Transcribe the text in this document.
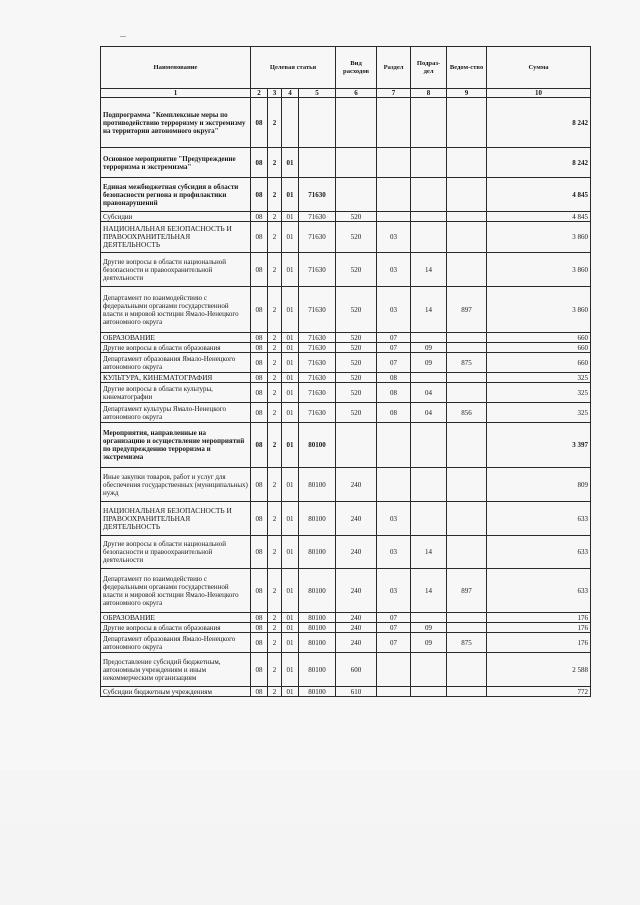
Наименование	Целевая статья				Вид расходов	Раздел	Подраз-дел	Ведом-ство	Сумма
1	2	3	4	5	6	7	8	9	10
Подпрограмма "Комплексные меры по противодействию терроризму и экстремизму на территории автономного округа"	08	2							8 242
Основное мероприятие "Предупреждение терроризма и экстремизма"	08	2	01						8 242
Единая межбюджетная субсидия в области безопасности региона и профилактики правонарушений	08	2	01	71630					4 845
Субсидии	08	2	01	71630	520				4 845
НАЦИОНАЛЬНАЯ БЕЗОПАСНОСТЬ И ПРАВООХРАНИТЕЛЬНАЯ ДЕЯТЕЛЬНОСТЬ	08	2	01	71630	520	03			3 860
Другие вопросы в области национальной безопасности и правоохранительной деятельности	08	2	01	71630	520	03	14		3 860
Департамент по взаимодействию с федеральными органами государственной власти и мировой юстиции Ямало-Ненецкого автономного округа	08	2	01	71630	520	03	14	897	3 860
ОБРАЗОВАНИЕ	08	2	01	71630	520	07			660
Другие вопросы в области образования	08	2	01	71630	520	07	09		660
Департамент образования Ямало-Ненецкого автономного округа	08	2	01	71630	520	07	09	875	660
КУЛЬТУРА, КИНЕМАТОГРАФИЯ	08	2	01	71630	520	08			325
Другие вопросы в области культуры, кинематографии	08	2	01	71630	520	08	04		325
Департамент культуры Ямало-Ненецкого автономного округа	08	2	01	71630	520	08	04	856	325
Мероприятия, направленные на организацию и осуществление мероприятий по предупреждению терроризма и экстремизма	08	2	01	80100					3 397
Иные закупки товаров, работ и услуг для обеспечения государственных (муниципальных) нужд	08	2	01	80100	240				809
НАЦИОНАЛЬНАЯ БЕЗОПАСНОСТЬ И ПРАВООХРАНИТЕЛЬНАЯ ДЕЯТЕЛЬНОСТЬ	08	2	01	80100	240	03			633
Другие вопросы в области национальной безопасности и правоохранительной деятельности	08	2	01	80100	240	03	14		633
Департамент по взаимодействию с федеральными органами государственной власти и мировой юстиции Ямало-Ненецкого автономного округа	08	2	01	80100	240	03	14	897	633
ОБРАЗОВАНИЕ	08	2	01	80100	240	07			176
Другие вопросы в области образования	08	2	01	80100	240	07	09		176
Департамент образования Ямало-Ненецкого автономного округа	08	2	01	80100	240	07	09	875	176
Предоставление субсидий бюджетным, автономным учреждениям и иным некоммерческим организациям	08	2	01	80100	600				2 588
Субсидии бюджетным учреждениям	08	2	01	80100	610				772
